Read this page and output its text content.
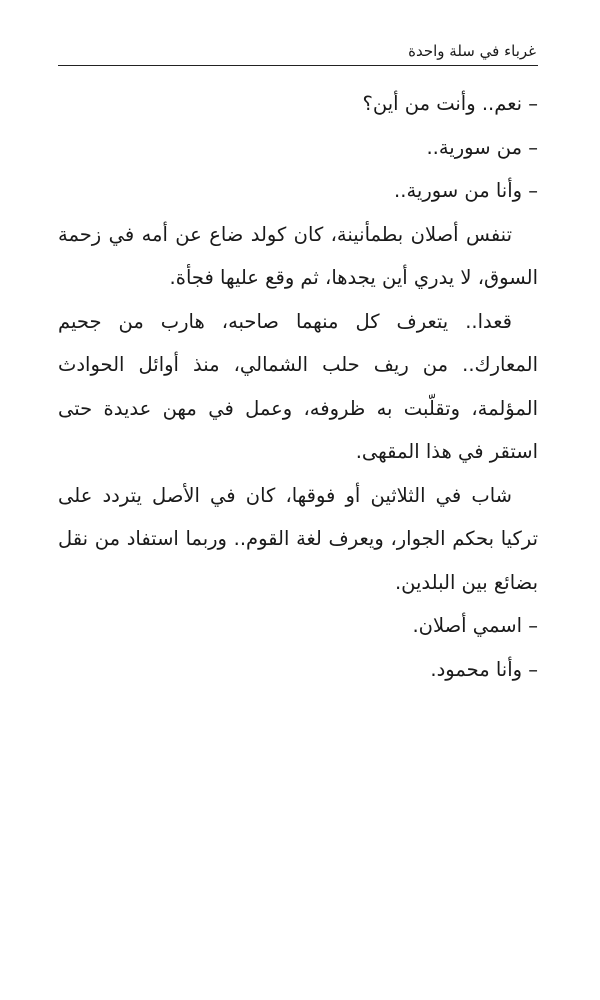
غرباء في سلة واحدة

– نعم.. وأنت من أين؟

– من سورية..

– وأنا من سورية..

تنفس أصلان بطمأنينة، كان كولد ضاع عن أمه في زحمة السوق، لا يدري أين يجدها، ثم وقع عليها فجأة.

قعدا.. يتعرف كل منهما صاحبه، هارب من جحيم المعارك.. من ريف حلب الشمالي، منذ أوائل الحوادث المؤلمة، وتقلّبت به ظروفه، وعمل في مهن عديدة حتى استقر في هذا المقهى.

شاب في الثلاثين أو فوقها، كان في الأصل يتردد على تركيا بحكم الجوار، ويعرف لغة القوم.. وربما استفاد من نقل بضائع بين البلدين.

– اسمي أصلان.

– وأنا محمود.
